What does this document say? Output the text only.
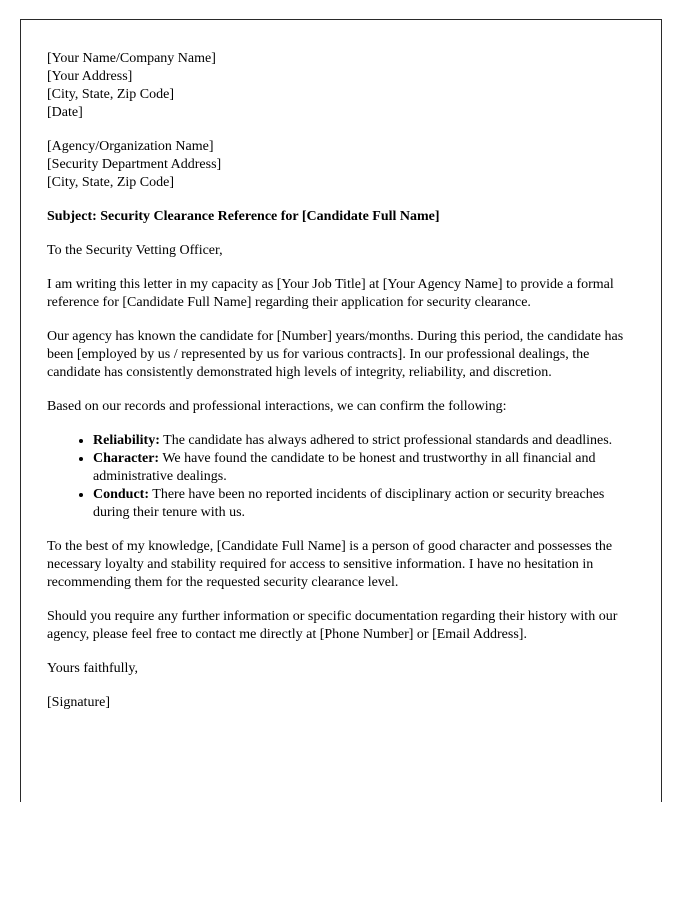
[Your Name/Company Name]
[Your Address]
[City, State, Zip Code]
[Date]

[Agency/Organization Name]
[Security Department Address]
[City, State, Zip Code]

Subject: Security Clearance Reference for [Candidate Full Name]

To the Security Vetting Officer,

I am writing this letter in my capacity as [Your Job Title] at [Your Agency Name] to provide a formal reference for [Candidate Full Name] regarding their application for security clearance.

Our agency has known the candidate for [Number] years/months. During this period, the candidate has been [employed by us / represented by us for various contracts]. In our professional dealings, the candidate has consistently demonstrated high levels of integrity, reliability, and discretion.

Based on our records and professional interactions, we can confirm the following:

• Reliability: The candidate has always adhered to strict professional standards and deadlines.
• Character: We have found the candidate to be honest and trustworthy in all financial and administrative dealings.
• Conduct: There have been no reported incidents of disciplinary action or security breaches during their tenure with us.

To the best of my knowledge, [Candidate Full Name] is a person of good character and possesses the necessary loyalty and stability required for access to sensitive information. I have no hesitation in recommending them for the requested security clearance level.

Should you require any further information or specific documentation regarding their history with our agency, please feel free to contact me directly at [Phone Number] or [Email Address].

Yours faithfully,

[Signature]
